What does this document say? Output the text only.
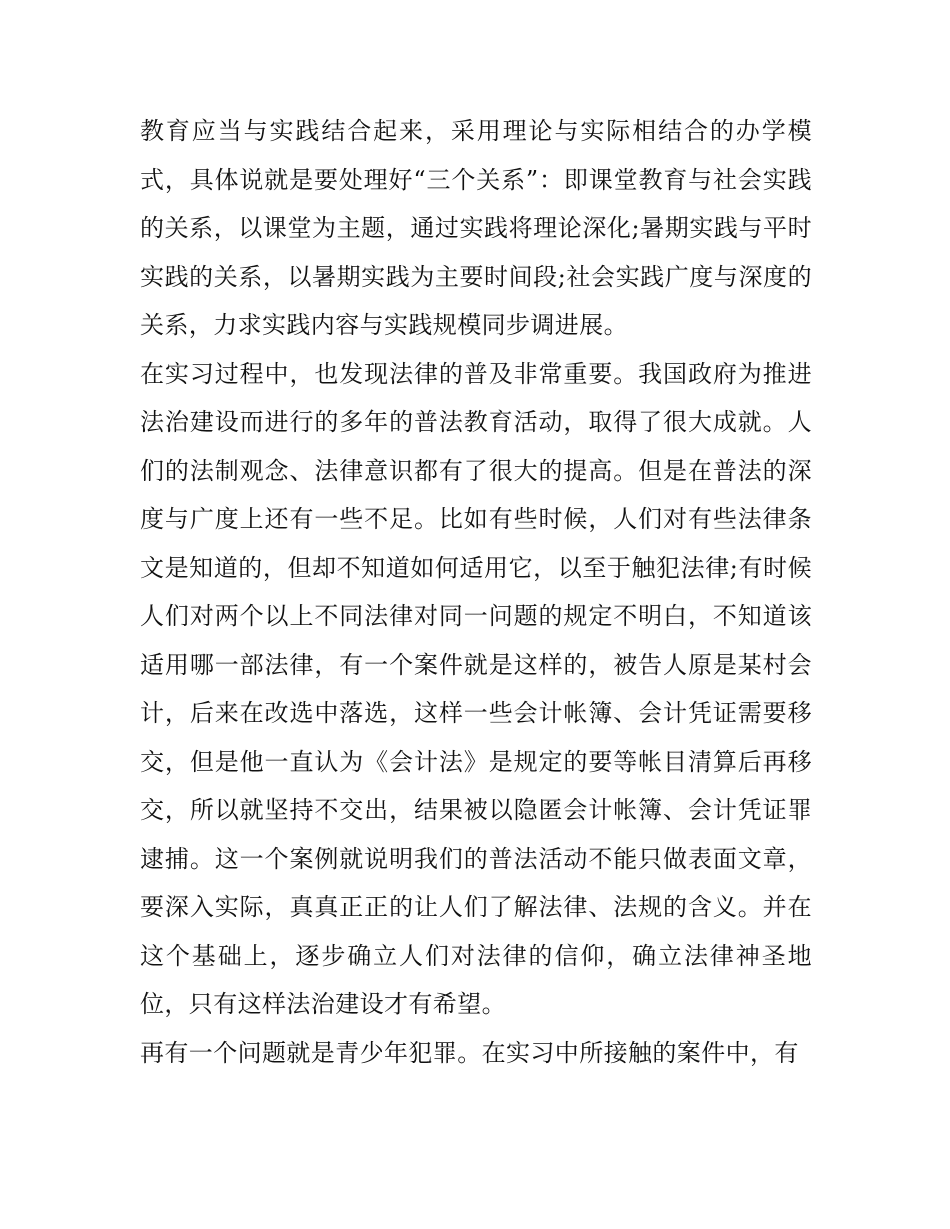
教育应当与实践结合起来，采用理论与实际相结合的办学模式，具体说就是要处理好“三个关系”：即课堂教育与社会实践的关系，以课堂为主题，通过实践将理论深化;暑期实践与平时实践的关系，以暑期实践为主要时间段;社会实践广度与深度的关系，力求实践内容与实践规模同步调进展。

在实习过程中，也发现法律的普及非常重要。我国政府为推进法治建设而进行的多年的普法教育活动，取得了很大成就。人们的法制观念、法律意识都有了很大的提高。但是在普法的深度与广度上还有一些不足。比如有些时候，人们对有些法律条文是知道的，但却不知道如何适用它，以至于触犯法律;有时候人们对两个以上不同法律对同一问题的规定不明白，不知道该适用哪一部法律，有一个案件就是这样的，被告人原是某村会计，后来在改选中落选，这样一些会计帐簿、会计凭证需要移交，但是他一直认为《会计法》是规定的要等帐目清算后再移交，所以就坚持不交出，结果被以隐匿会计帐簿、会计凭证罪逮捕。这一个案例就说明我们的普法活动不能只做表面文章，要深入实际，真真正正的让人们了解法律、法规的含义。并在这个基础上，逐步确立人们对法律的信仰，确立法律神圣地位，只有这样法治建设才有希望。

再有一个问题就是青少年犯罪。在实习中所接触的案件中，有
